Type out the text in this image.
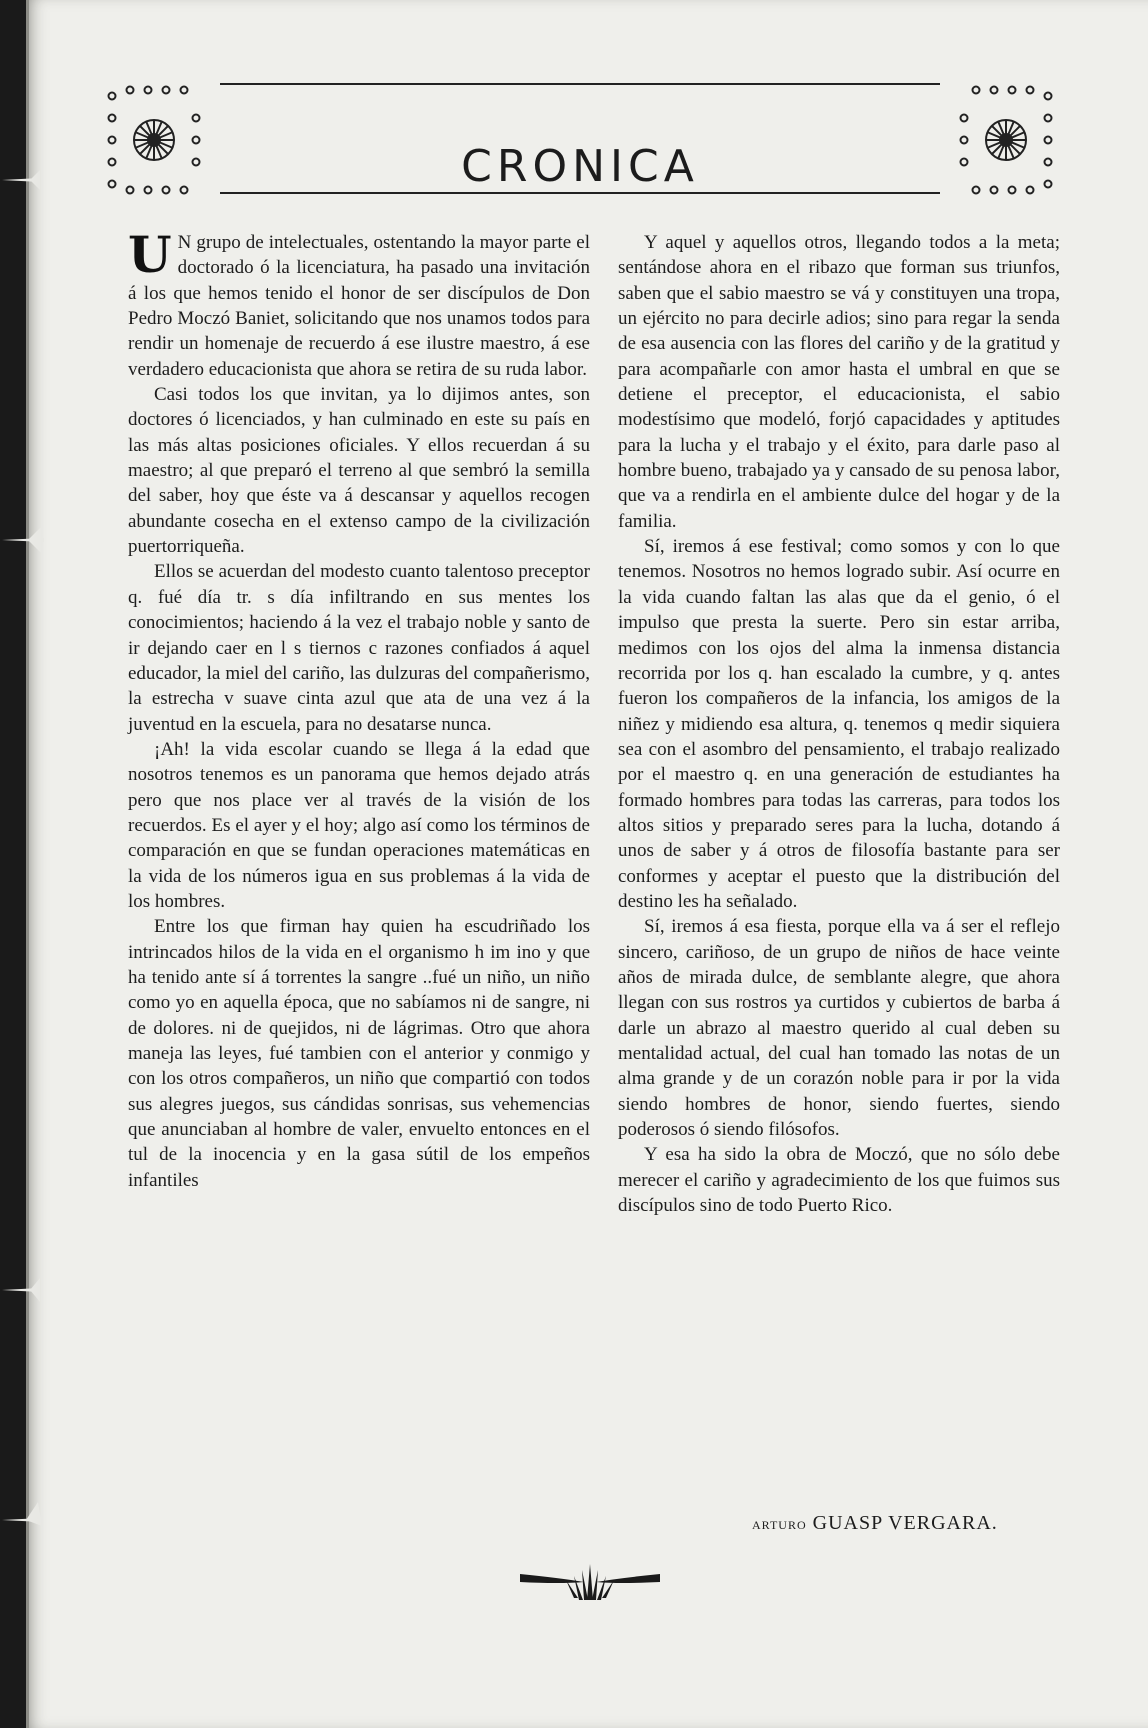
CRONICA

U N grupo de intelectuales, ostentando la mayor parte el doctorado ó la licenciatura, ha pasado una invitación á los que hemos tenido el honor de ser discípulos de Don Pedro Moczó Baniet, solicitando que nos unamos todos para rendir un homenaje de recuerdo á ese ilustre maestro, á ese verdadero educacionista que ahora se retira de su ruda labor.

Casi todos los que invitan, ya lo dijimos antes, son doctores ó licenciados, y han culminado en este su país en las más altas posiciones oficiales. Y ellos recuerdan á su maestro; al que preparó el terreno al que sembró la semilla del saber, hoy que éste va á descansar y aquellos recogen abundante cosecha en el extenso campo de la civilización puertorriqueña.

Ellos se acuerdan del modesto cuanto talentoso preceptor q. fué día tr. s día infiltrando en sus mentes los conocimientos; haciendo á la vez el trabajo noble y santo de ir dejando caer en l s tiernos c razones confiados á aquel educador, la miel del cariño, las dulzuras del compañerismo, la estrecha v suave cinta azul que ata de una vez á la juventud en la escuela, para no desatarse nunca.

¡Ah! la vida escolar cuando se llega á la edad que nosotros tenemos es un panorama que hemos dejado atrás pero que nos place ver al través de la visión de los recuerdos. Es el ayer y el hoy; algo así como los términos de comparación en que se fundan operaciones matemáticas en la vida de los números igua en sus problemas á la vida de los hombres.

Entre los que firman hay quien ha escudriñado los intrincados hilos de la vida en el organismo h im ino y que ha tenido ante sí á torrentes la sangre ..fué un niño, un niño como yo en aquella época, que no sabíamos ni de sangre, ni de dolores. ni de quejidos, ni de lágrimas. Otro que ahora maneja las leyes, fué tambien con el anterior y conmigo y con los otros compañeros, un niño que compartió con todos sus alegres juegos, sus cándidas sonrisas, sus vehemencias que anunciaban al hombre de valer, envuelto entonces en el tul de la inocencia y en la gasa sútil de los empeños infantiles

Y aquel y aquellos otros, llegando todos a la meta; sentándose ahora en el ribazo que forman sus triunfos, saben que el sabio maestro se vá y constituyen una tropa, un ejército no para decirle adios; sino para regar la senda de esa ausencia con las flores del cariño y de la gratitud y para acompañarle con amor hasta el umbral en que se detiene el preceptor, el educacionista, el sabio modestísimo que modeló, forjó capacidades y aptitudes para la lucha y el trabajo y el éxito, para darle paso al hombre bueno, trabajado ya y cansado de su penosa labor, que va a rendirla en el ambiente dulce del hogar y de la familia.

Sí, iremos á ese festival; como somos y con lo que tenemos. Nosotros no hemos logrado subir. Así ocurre en la vida cuando faltan las alas que da el genio, ó el impulso que presta la suerte. Pero sin estar arriba, medimos con los ojos del alma la inmensa distancia recorrida por los q. han escalado la cumbre, y q. antes fueron los compañeros de la infancia, los amigos de la niñez y midiendo esa altura, q. tenemos q medir siquiera sea con el asombro del pensamiento, el trabajo realizado por el maestro q. en una generación de estudiantes ha formado hombres para todas las carreras, para todos los altos sitios y preparado seres para la lucha, dotando á unos de saber y á otros de filosofía bastante para ser conformes y aceptar el puesto que la distribución del destino les ha señalado.

Sí, iremos á esa fiesta, porque ella va á ser el reflejo sincero, cariñoso, de un grupo de niños de hace veinte años de mirada dulce, de semblante alegre, que ahora llegan con sus rostros ya curtidos y cubiertos de barba á darle un abrazo al maestro querido al cual deben su mentalidad actual, del cual han tomado las notas de un alma grande y de un corazón noble para ir por la vida siendo hombres de honor, siendo fuertes, siendo poderosos ó siendo filósofos.

Y esa ha sido la obra de Moczó, que no sólo debe merecer el cariño y agradecimiento de los que fuimos sus discípulos sino de todo Puerto Rico.

ARTURO GUASP VERGARA.
